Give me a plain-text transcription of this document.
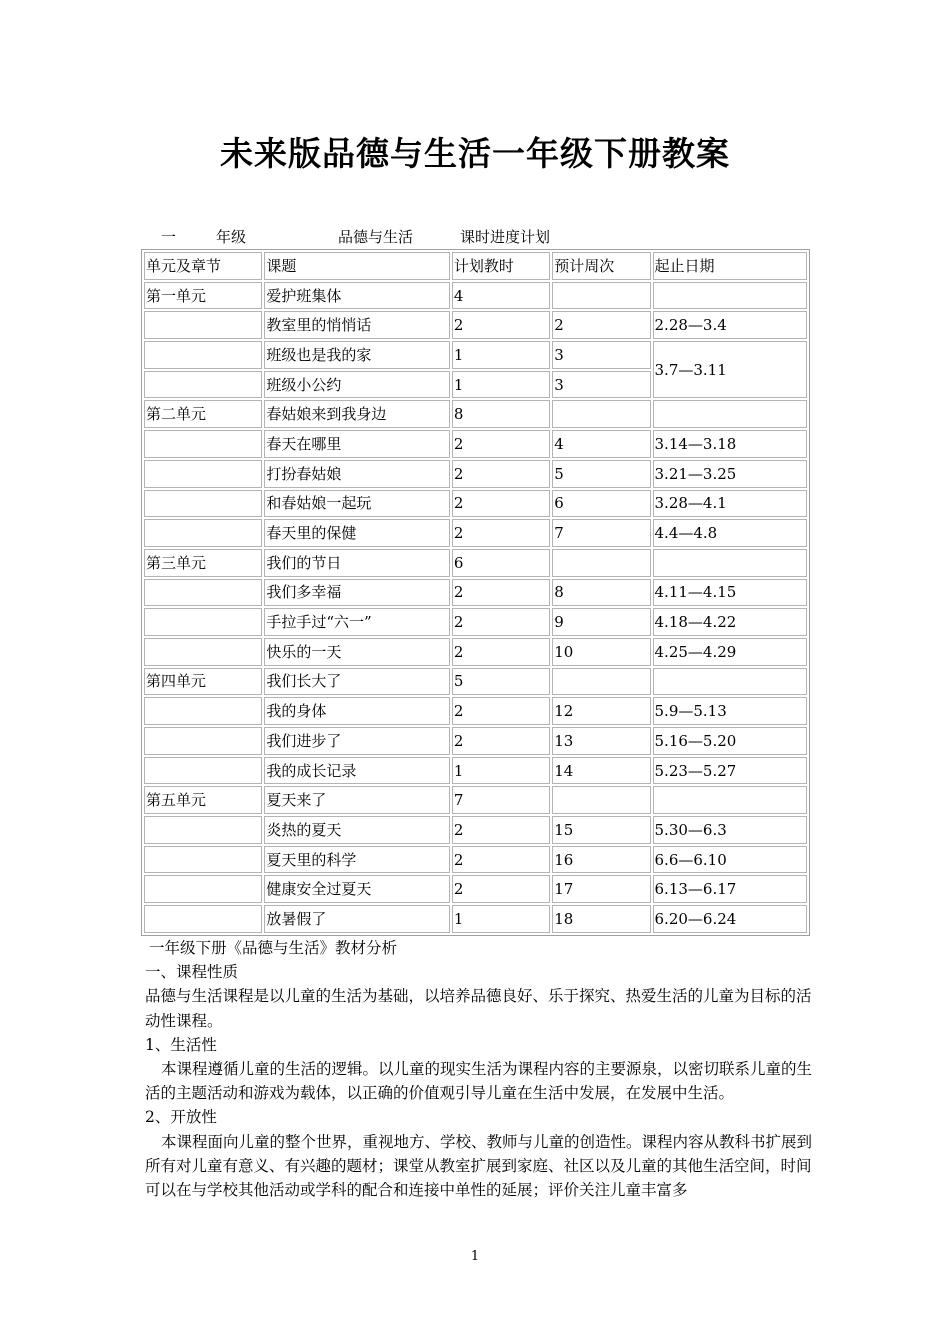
未来版品德与生活一年级下册教案
一	年级	品德与生活	课时进度计划
单元及章节	课题	计划教时	预计周次	起止日期
第一单元	爱护班集体	4		
	教室里的悄悄话	2	2	2.28—3.4
	班级也是我的家	1	3	3.7—3.11
	班级小公约	1	3	
第二单元	春姑娘来到我身边	8		
	春天在哪里	2	4	3.14—3.18
	打扮春姑娘	2	5	3.21—3.25
	和春姑娘一起玩	2	6	3.28—4.1
	春天里的保健	2	7	4.4—4.8
第三单元	我们的节日	6		
	我们多幸福	2	8	4.11—4.15
	手拉手过“六一”	2	9	4.18—4.22
	快乐的一天	2	10	4.25—4.29
第四单元	我们长大了	5		
	我的身体	2	12	5.9—5.13
	我们进步了	2	13	5.16—5.20
	我的成长记录	1	14	5.23—5.27
第五单元	夏天来了	7		
	炎热的夏天	2	15	5.30—6.3
	夏天里的科学	2	16	6.6—6.10
	健康安全过夏天	2	17	6.13—6.17
	放暑假了	1	18	6.20—6.24

一年级下册《品德与生活》教材分析

一、课程性质

品德与生活课程是以儿童的生活为基础，以培养品德良好、乐于探究、热爱生活的儿童为目标的活动性课程。

1、生活性

本课程遵循儿童的生活的逻辑。以儿童的现实生活为课程内容的主要源泉，以密切联系儿童的生活的主题活动和游戏为载体，以正确的价值观引导儿童在生活中发展，在发展中生活。

2、开放性

本课程面向儿童的整个世界，重视地方、学校、教师与儿童的创造性。课程内容从教科书扩展到所有对儿童有意义、有兴趣的题材；课堂从教室扩展到家庭、社区以及儿童的其他生活空间，时间可以在与学校其他活动或学科的配合和连接中单性的延展；评价关注儿童丰富多

1
